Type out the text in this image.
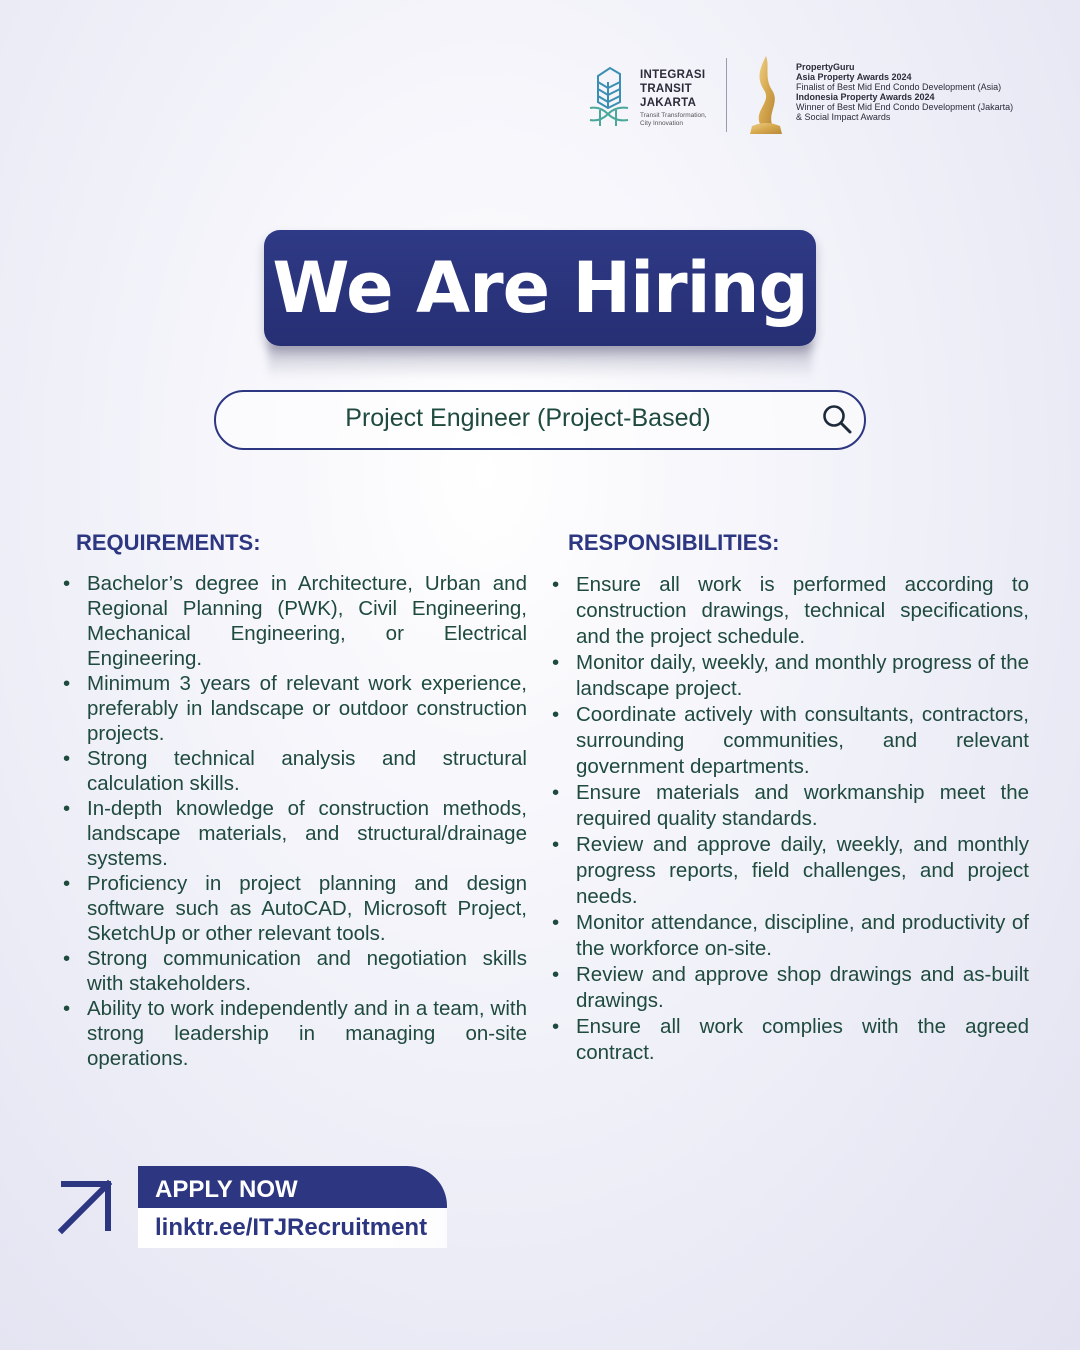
INTEGRASI
TRANSIT
JAKARTA
Transit Transformation,
City Innovation
PropertyGuru
Asia Property Awards 2024
Finalist of Best Mid End Condo Development (Asia)
Indonesia Property Awards 2024
Winner of Best Mid End Condo Development (Jakarta)
& Social Impact Awards
We Are Hiring
Project Engineer (Project-Based)
REQUIREMENTS:
• Bachelor’s degree in Architecture, Urban and Regional Planning (PWK), Civil Engineering, Mechanical Engineering, or Electrical Engineering.
• Minimum 3 years of relevant work experience, preferably in landscape or outdoor construction projects.
• Strong technical analysis and structural calculation skills.
• In-depth knowledge of construction methods, landscape materials, and structural/drainage systems.
• Proficiency in project planning and design software such as AutoCAD, Microsoft Project, SketchUp or other relevant tools.
• Strong communication and negotiation skills with stakeholders.
• Ability to work independently and in a team, with strong leadership in managing on-site operations.
RESPONSIBILITIES:
• Ensure all work is performed according to construction drawings, technical specifications, and the project schedule.
• Monitor daily, weekly, and monthly progress of the landscape project.
• Coordinate actively with consultants, contractors, surrounding communities, and relevant government departments.
• Ensure materials and workmanship meet the required quality standards.
• Review and approve daily, weekly, and monthly progress reports, field challenges, and project needs.
• Monitor attendance, discipline, and productivity of the workforce on-site.
• Review and approve shop drawings and as-built drawings.
• Ensure all work complies with the agreed contract.
APPLY NOW
linktr.ee/ITJRecruitment
